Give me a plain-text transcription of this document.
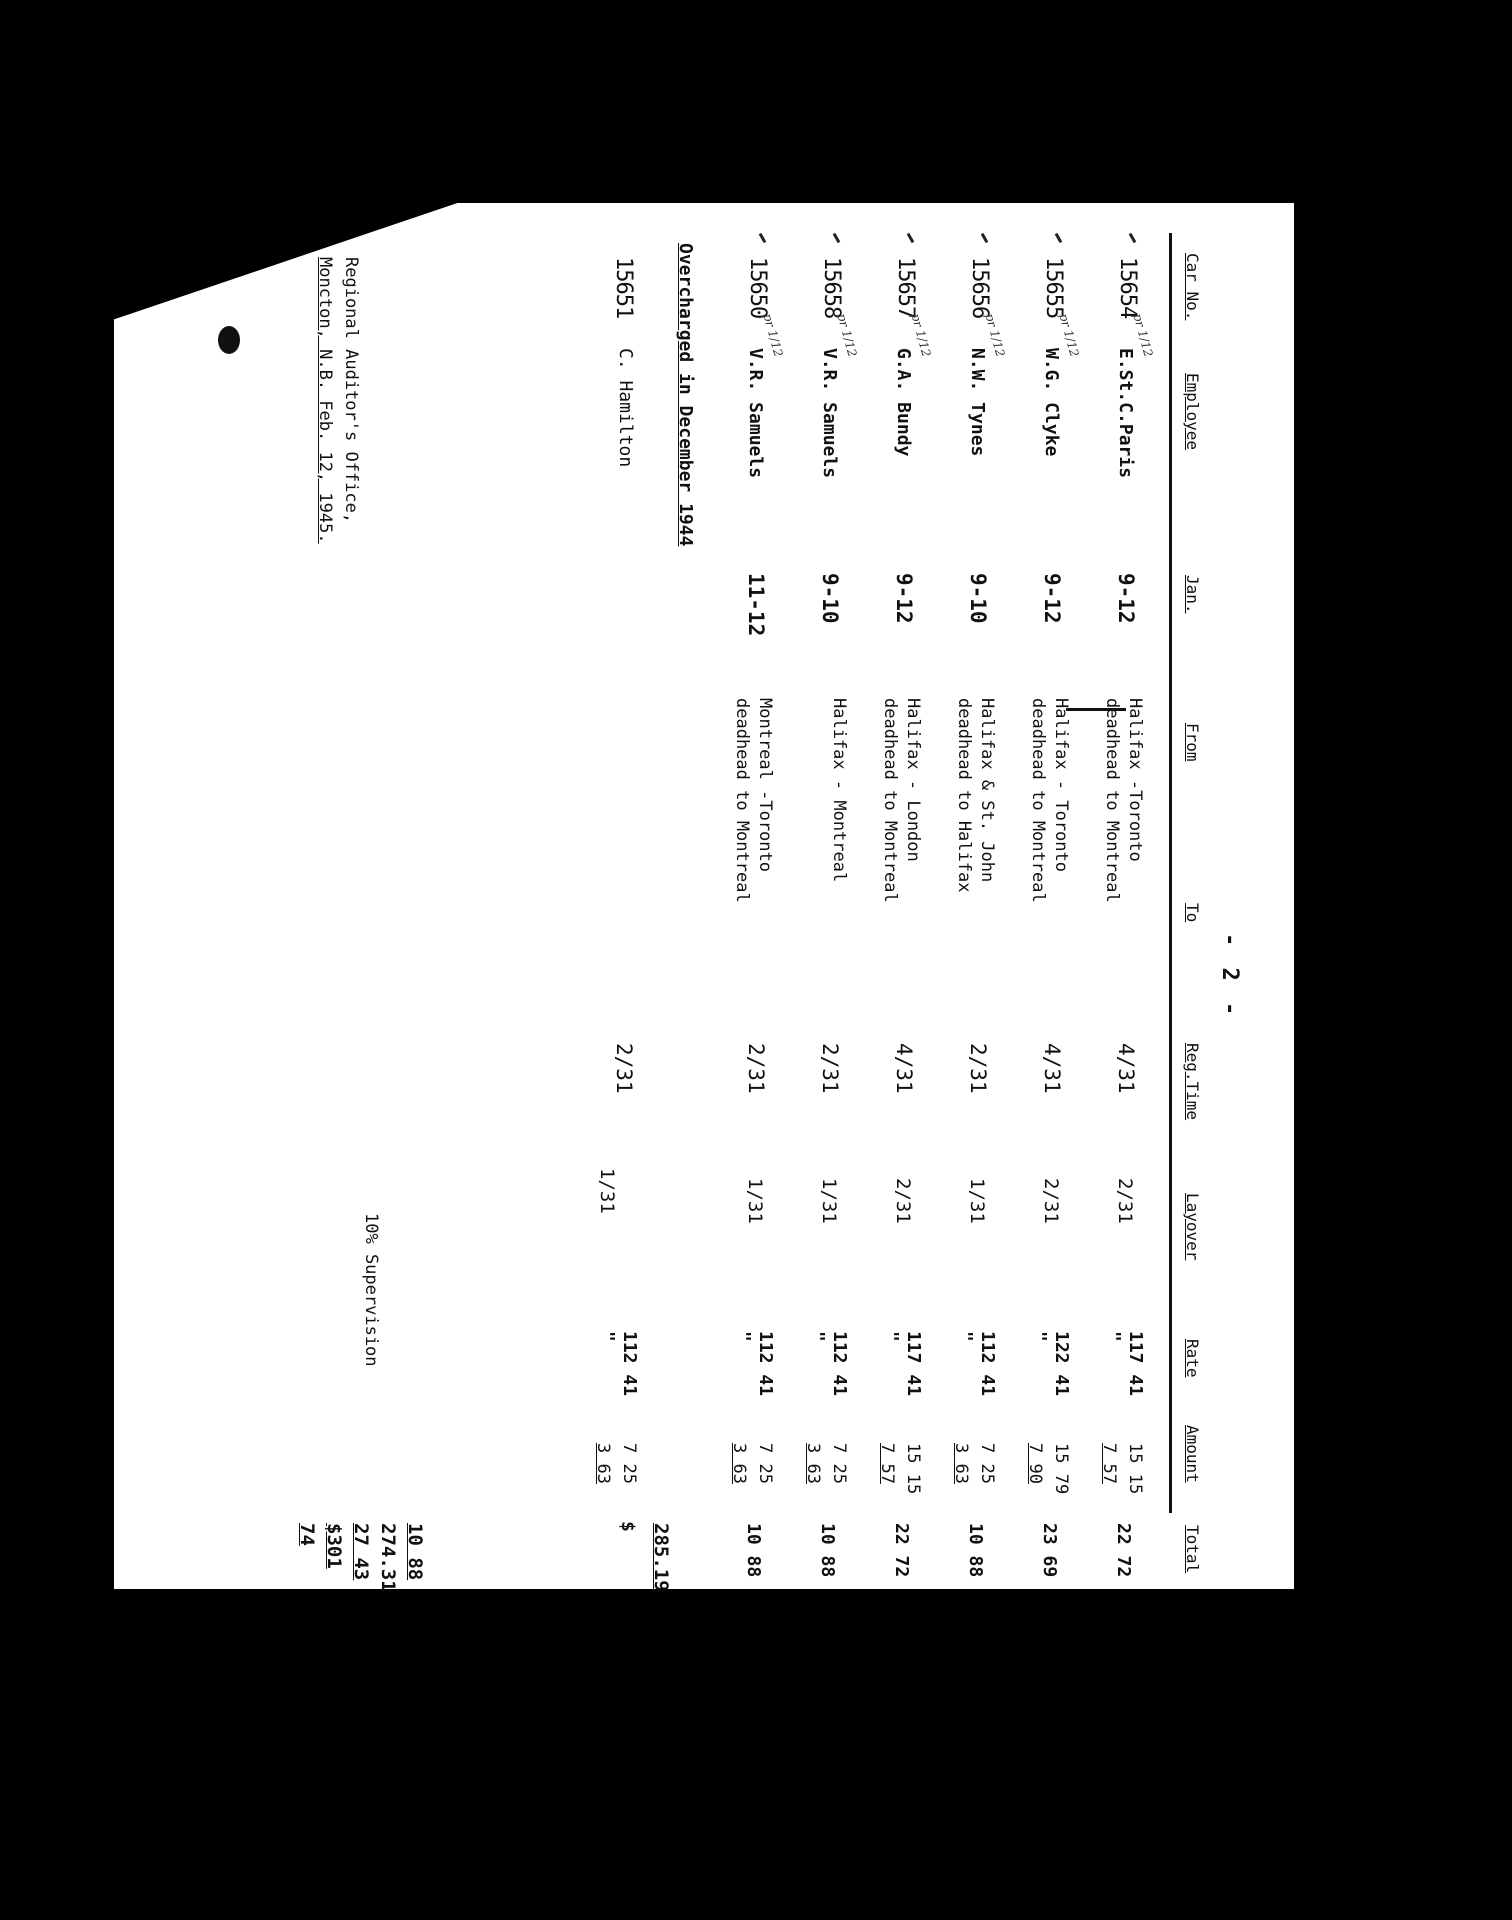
- 2 -
Car No.
Employee
Jan.
From
To
Reg.Time
Layover
Rate
Amount
Total
15654
pr 1/12
E.St.C.Paris
9-12
Halifax -Toronto
deadhead to Montreal
4/31
2/31
117 41
"
15 15
7 57
22 72
15655
pr 1/12
W.G. Clyke
9-12
Halifax - Toronto
deadhead to Montreal
4/31
2/31
122 41
"
15 79
7 90
23 69
15656
pr 1/12
N.W. Tynes
9-10
Halifax & St. John
deadhead to Halifax
2/31
1/31
112 41
"
7 25
3 63
10 88
15657
pr 1/12
G.A. Bundy
9-12
Halifax - London
deadhead to Montreal
4/31
2/31
117 41
"
15 15
7 57
22 72
15658
pr 1/12
V.R. Samuels
9-10
Halifax - Montreal
2/31
1/31
112 41
"
7 25
3 63
10 88
15650
pr 1/12
V.R. Samuels
11-12
Montreal -Toronto
deadhead to Montreal
2/31
1/31
112 41
"
7 25
3 63
10 88
285.19
$
Overcharged in December 1944
15651
C. Hamilton
2/31
1/31
112 41
"
7 25
3 63
10% Supervision
10 88
274.31
27 43
$301 74
Regional Auditor's Office,
Moncton, N.B. Feb. 12, 1945.
